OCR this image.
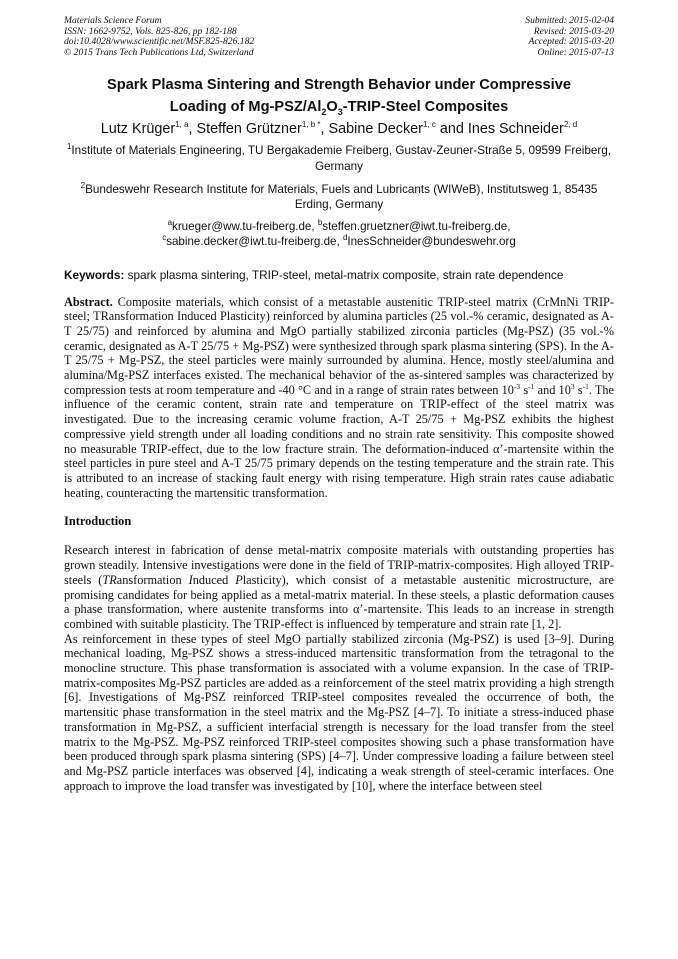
Materials Science Forum
ISSN: 1662-9752, Vols. 825-826, pp 182-188
doi:10.4028/www.scientific.net/MSF.825-826.182
© 2015 Trans Tech Publications Ltd, Switzerland
Submitted: 2015-02-04
Revised: 2015-03-20
Accepted: 2015-03-20
Online: 2015-07-13
Spark Plasma Sintering and Strength Behavior under Compressive
Loading of $Mg-PSZ/Al_2O_3-TRIP$-Steel Composites
Lutz Krüger$^{1, a}$, Steffen Grützner$^{1, b *}$, Sabine Decker$^{1, c}$ and Ines Schneider$^{2, d}$
$^1$Institute of Materials Engineering, TU Bergakademie Freiberg, Gustav-Zeuner-Straße 5, 09599 Freiberg, Germany
$^2$Bundeswehr Research Institute for Materials, Fuels and Lubricants (WIWeB), Institutsweg 1, 85435 Erding, Germany
$^a$krueger@ww.tu-freiberg.de, $^b$steffen.gruetzner@iwt.tu-freiberg.de,
$^c$sabine.decker@iwt.tu-freiberg.de, $^d$InesSchneider@bundeswehr.org
Keywords: spark plasma sintering, TRIP-steel, metal-matrix composite, strain rate dependence
Abstract. Composite materials, which consist of a metastable austenitic TRIP-steel matrix (CrMnNi TRIP-steel; TRansformation Induced Plasticity) reinforced by alumina particles (25 vol.-% ceramic, designated as A-T 25/75) and reinforced by alumina and MgO partially stabilized zirconia particles (Mg-PSZ) (35 vol.-% ceramic, designated as A-T 25/75 + Mg-PSZ) were synthesized through spark plasma sintering (SPS). In the A-T 25/75 + Mg-PSZ, the steel particles were mainly surrounded by alumina. Hence, mostly steel/alumina and alumina/Mg-PSZ interfaces existed. The mechanical behavior of the as-sintered samples was characterized by compression tests at room temperature and -40 °C and in a range of strain rates between $10^{-3}$ $s^{-1}$ and $10^3$ $s^{-1}$. The influence of the ceramic content, strain rate and temperature on TRIP-effect of the steel matrix was investigated. Due to the increasing ceramic volume fraction, A-T 25/75 + Mg-PSZ exhibits the highest compressive yield strength under all loading conditions and no strain rate sensitivity. This composite showed no measurable TRIP-effect, due to the low fracture strain. The deformation-induced α’-martensite within the steel particles in pure steel and A-T 25/75 primary depends on the testing temperature and the strain rate. This is attributed to an increase of stacking fault energy with rising temperature. High strain rates cause adiabatic heating, counteracting the martensitic transformation.
Introduction

Research interest in fabrication of dense metal-matrix composite materials with outstanding properties has grown steadily. Intensive investigations were done in the field of TRIP-matrix-composites. High alloyed TRIP-steels (TRansformation Induced Plasticity), which consist of a metastable austenitic microstructure, are promising candidates for being applied as a metal-matrix material. In these steels, a plastic deformation causes a phase transformation, where austenite transforms into α’-martensite. This leads to an increase in strength combined with suitable plasticity. The TRIP-effect is influenced by temperature and strain rate [1, 2].

As reinforcement in these types of steel MgO partially stabilized zirconia (Mg-PSZ) is used [3–9]. During mechanical loading, Mg-PSZ shows a stress-induced martensitic transformation from the tetragonal to the monocline structure. This phase transformation is associated with a volume expansion. In the case of TRIP-matrix-composites Mg-PSZ particles are added as a reinforcement of the steel matrix providing a high strength [6]. Investigations of Mg-PSZ reinforced TRIP-steel composites revealed the occurrence of both, the martensitic phase transformation in the steel matrix and the Mg-PSZ [4–7]. To initiate a stress-induced phase transformation in Mg-PSZ, a sufficient interfacial strength is necessary for the load transfer from the steel matrix to the Mg-PSZ. Mg-PSZ reinforced TRIP-steel composites showing such a phase transformation have been produced through spark plasma sintering (SPS) [4–7]. Under compressive loading a failure between steel and Mg-PSZ particle interfaces was observed [4], indicating a weak strength of steel-ceramic interfaces. One approach to improve the load transfer was investigated by [10], where the interface between steel
